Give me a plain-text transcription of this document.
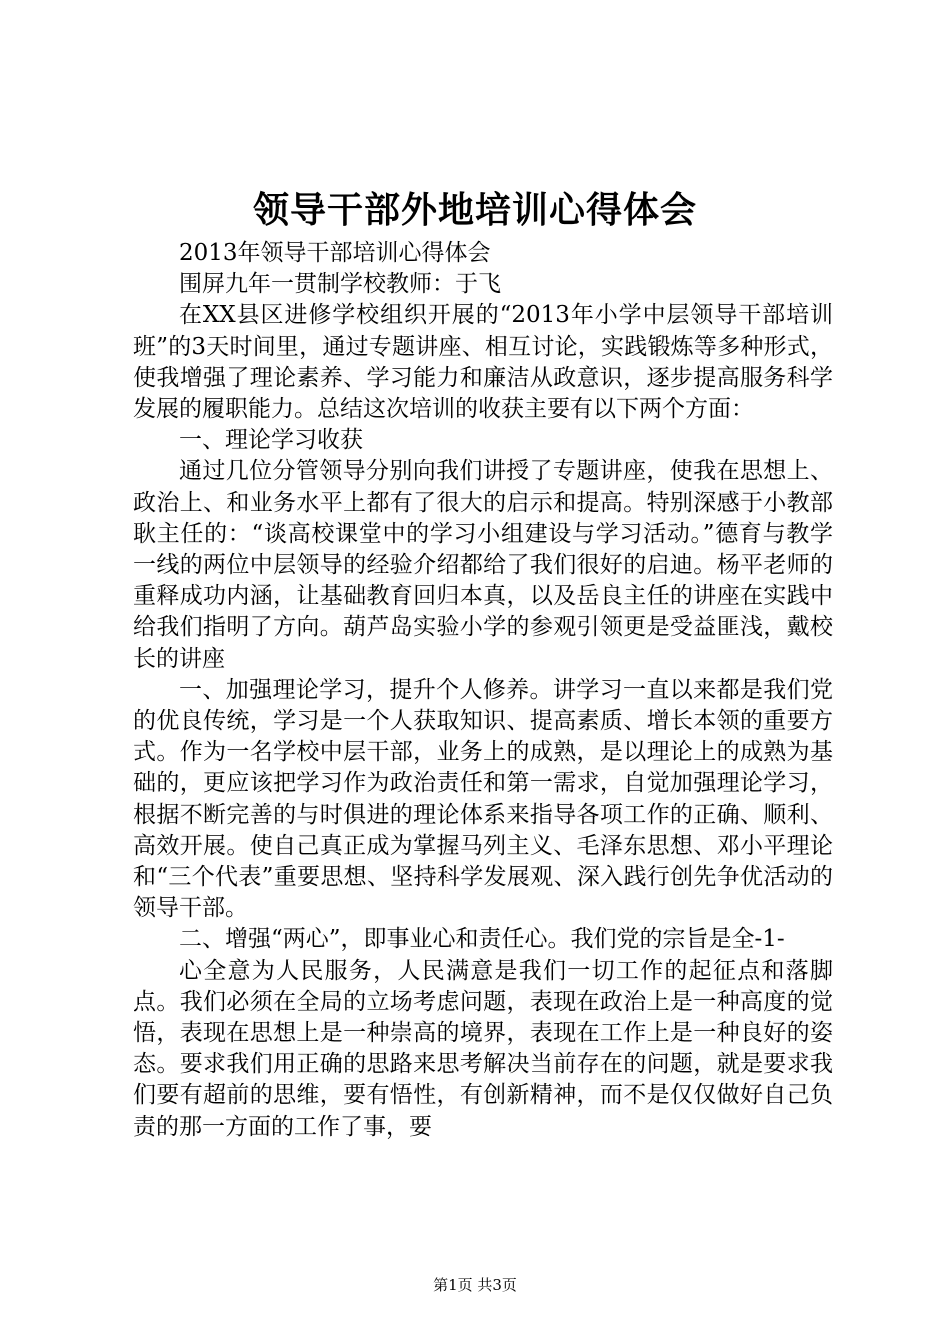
领导干部外地培训心得体会

2013年领导干部培训心得体会

围屏九年一贯制学校教师：于飞

在XX县区进修学校组织开展的“2013年小学中层领导干部培训班”的3天时间里，通过专题讲座、相互讨论，实践锻炼等多种形式，使我增强了理论素养、学习能力和廉洁从政意识，逐步提高服务科学发展的履职能力。总结这次培训的收获主要有以下两个方面：

一、理论学习收获

通过几位分管领导分别向我们讲授了专题讲座，使我在思想上、政治上、和业务水平上都有了很大的启示和提高。特别深感于小教部耿主任的：“谈高校课堂中的学习小组建设与学习活动。”德育与教学一线的两位中层领导的经验介绍都给了我们很好的启迪。杨平老师的重释成功内涵，让基础教育回归本真，以及岳良主任的讲座在实践中给我们指明了方向。葫芦岛实验小学的参观引领更是受益匪浅，戴校长的讲座

一、加强理论学习，提升个人修养。讲学习一直以来都是我们党的优良传统，学习是一个人获取知识、提高素质、增长本领的重要方式。作为一名学校中层干部，业务上的成熟，是以理论上的成熟为基础的，更应该把学习作为政治责任和第一需求，自觉加强理论学习，根据不断完善的与时俱进的理论体系来指导各项工作的正确、顺利、高效开展。使自己真正成为掌握马列主义、毛泽东思想、邓小平理论和“三个代表”重要思想、坚持科学发展观、深入践行创先争优活动的领导干部。

二、增强“两心”，即事业心和责任心。我们党的宗旨是全-1-

心全意为人民服务，人民满意是我们一切工作的起征点和落脚点。我们必须在全局的立场考虑问题，表现在政治上是一种高度的觉悟，表现在思想上是一种崇高的境界，表现在工作上是一种良好的姿态。要求我们用正确的思路来思考解决当前存在的问题，就是要求我们要有超前的思维，要有悟性，有创新精神，而不是仅仅做好自己负责的那一方面的工作了事，要

第1页 共3页
